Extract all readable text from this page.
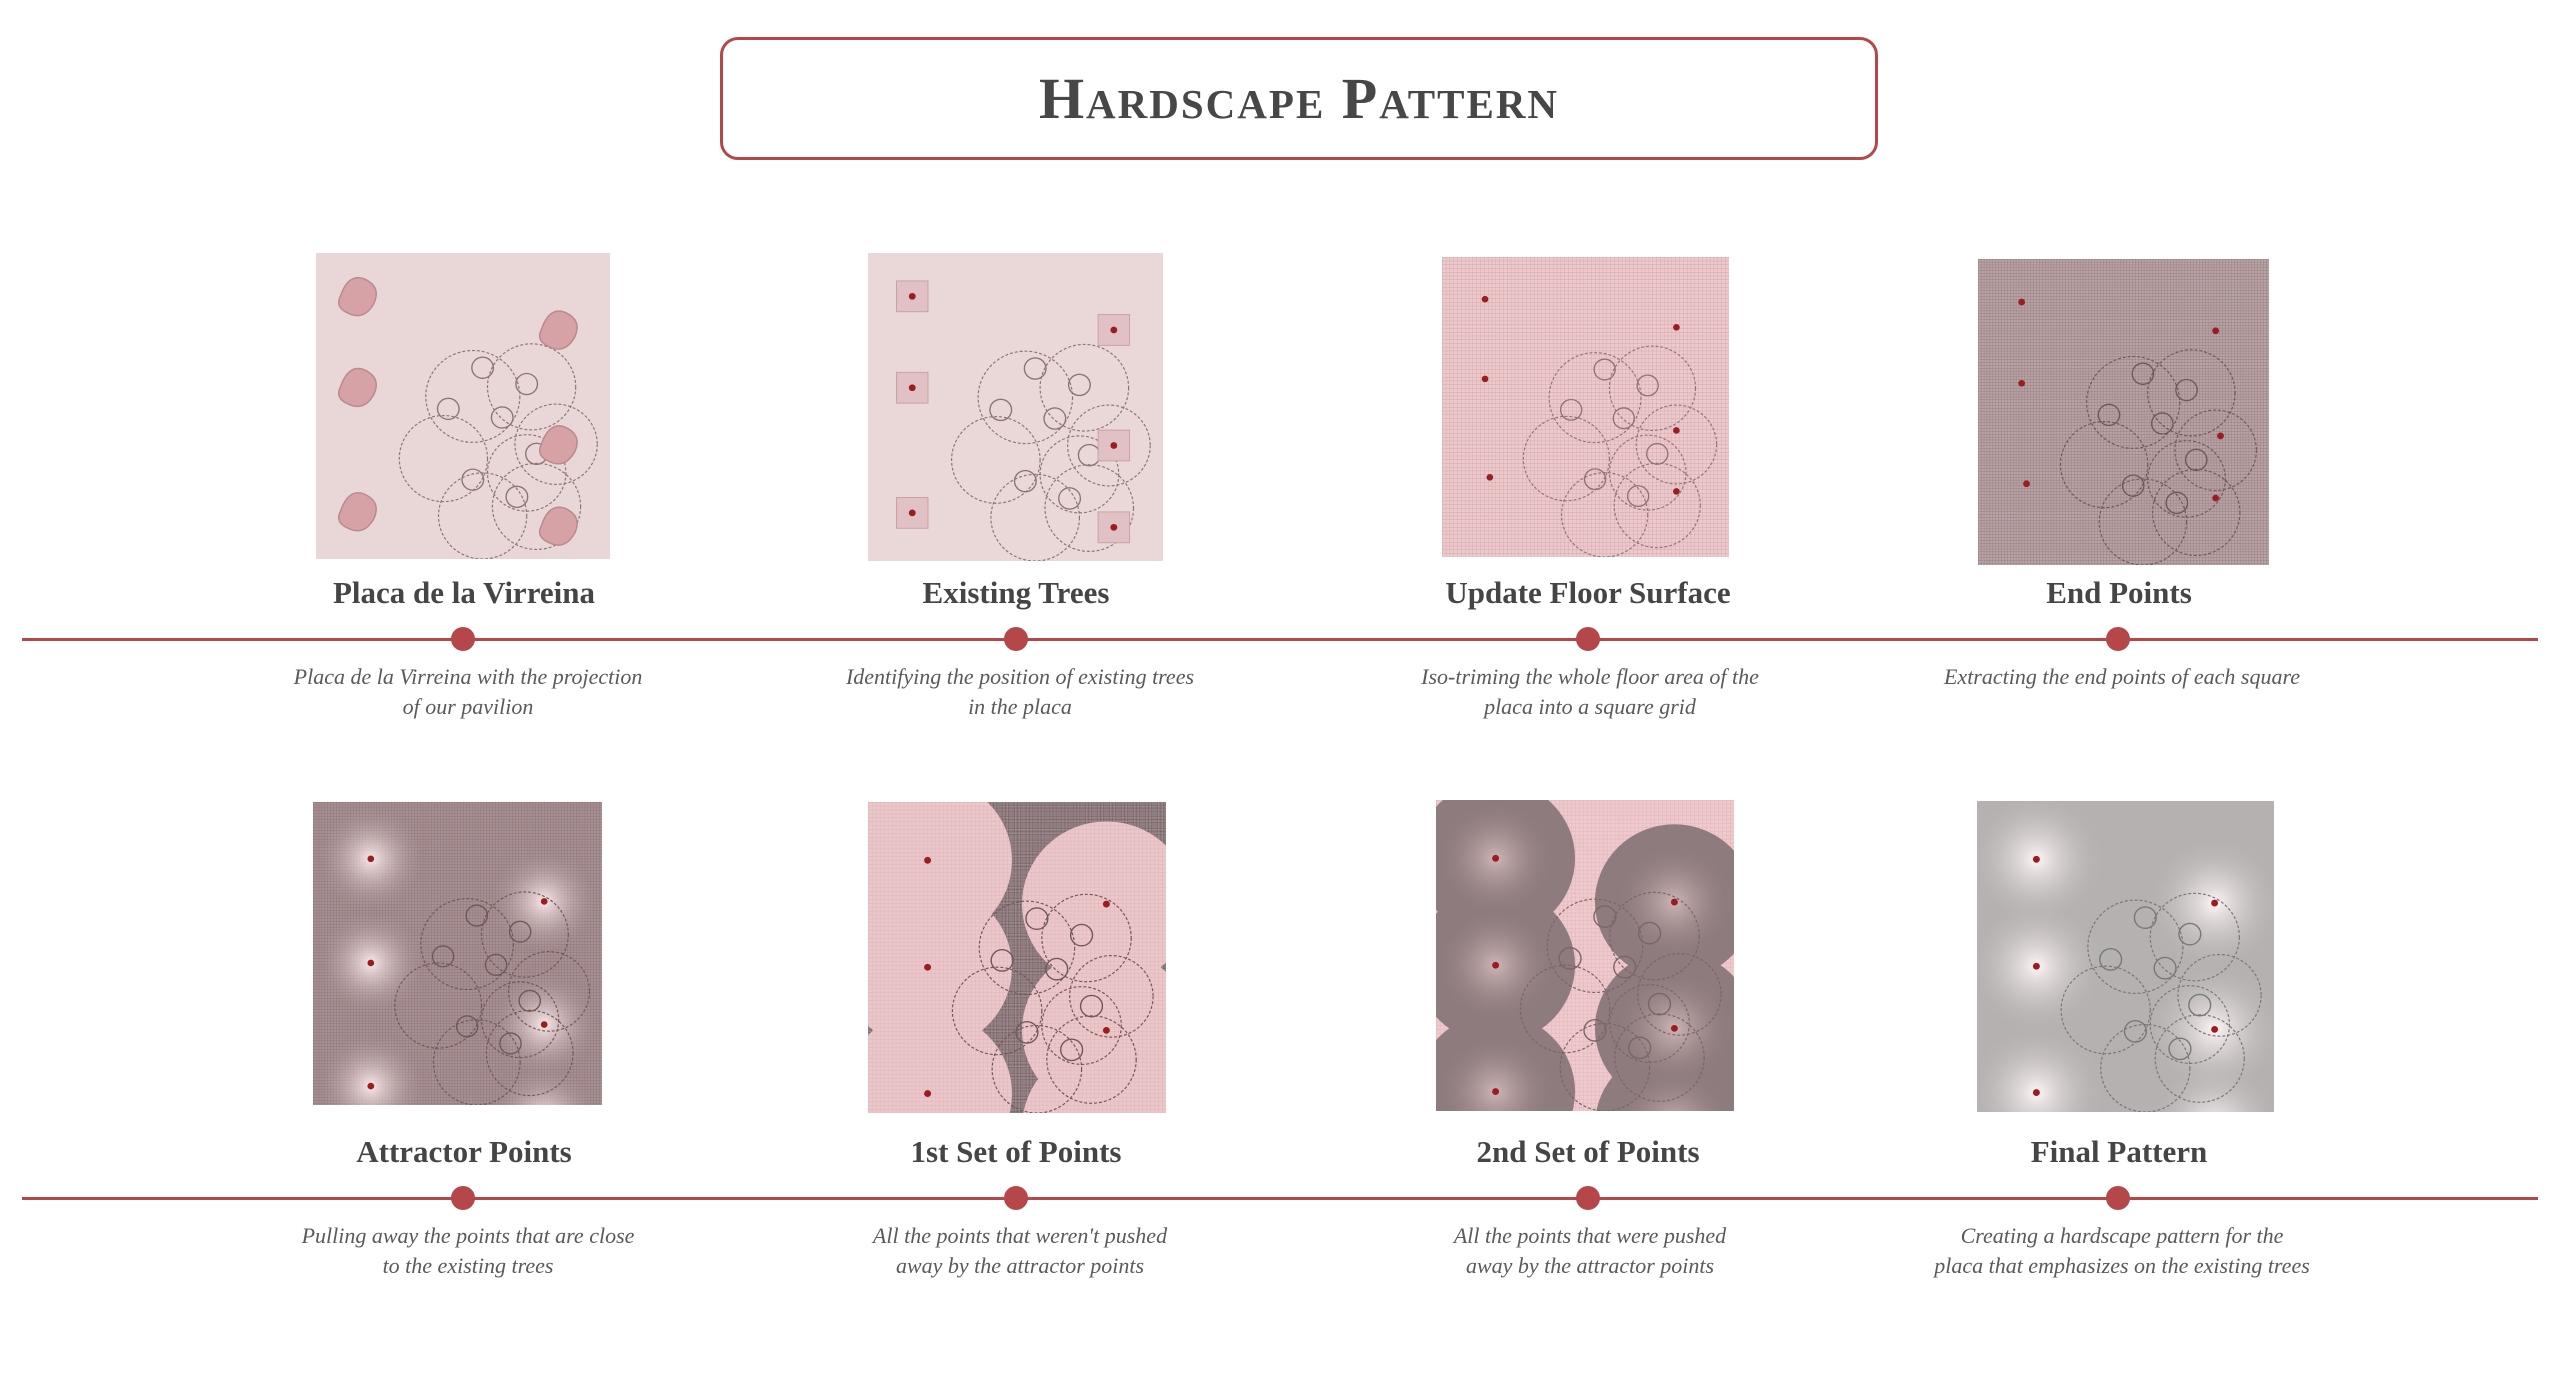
Hardscape Pattern
Placa de la Virreina	Existing Trees	Update Floor Surface	End Points
Attractor Points	1st Set of Points	2nd Set of Points	Final Pattern
Placa de la Virreina with the projection
of our pavilion
Identifying the position of existing trees
in the placa
Iso-triming the whole floor area of the
placa into a square grid
Extracting the end points of each square
Pulling away the points that are close
to the existing trees
All the points that weren't pushed
away by the attractor points
All the points that were pushed
away by the attractor points
Creating a hardscape pattern for the
placa that emphasizes on the existing trees
